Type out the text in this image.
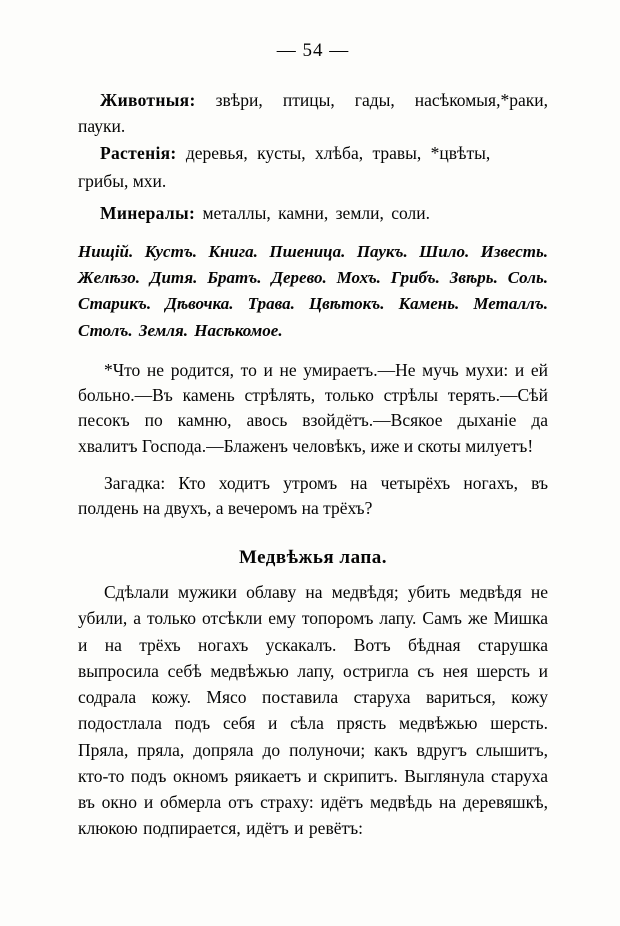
— 54 —

Животныя: звѣри, птицы, гады, насѣкомыя,*раки, пауки.

Растенія: деревья, кусты, хлѣба, травы, *цвѣты,

грибы, мхи.

Минералы: металлы, камни, земли, соли.

Нищій. Кустъ. Книга. Пшеница. Паукъ. Шило. Известь. Желѣзо. Дитя. Братъ. Дерево. Мохъ. Грибъ. Звѣрь. Соль. Старикъ. Дѣвочка. Трава. Цвѣтокъ. Камень. Металлъ. Столъ. Земля. Насѣкомое.

*Что не родится, то и не умираетъ.—Не мучь мухи: и ей больно.—Въ камень стрѣлять, только стрѣлы терять.—Сѣй песокъ по камню, авось взойдётъ.—Всякое дыханіе да хвалитъ Господа.—Блаженъ человѣкъ, иже и скоты милуетъ!

Загадка: Кто ходитъ утромъ на четырёхъ ногахъ, въ полдень на двухъ, а вечеромъ на трёхъ?

Медвѣжья лапа.

Сдѣлали мужики облаву на медвѣдя; убить медвѣдя не убили, а только отсѣкли ему топоромъ лапу. Самъ же Мишка и на трёхъ ногахъ ускакалъ. Вотъ бѣдная старушка выпросила себѣ медвѣжью лапу, остригла съ нея шерсть и содрала кожу. Мясо поставила старуха вариться, кожу подостлала подъ себя и сѣла прясть медвѣжью шерсть. Пряла, пряла, допряла до полуночи; какъ вдругъ слышитъ, кто-то подъ окномъ ряикаетъ и скрипитъ. Выглянула старуха въ окно и обмерла отъ страху: идётъ медвѣдь на деревяшкѣ, клюкою подпирается, идётъ и ревётъ:
